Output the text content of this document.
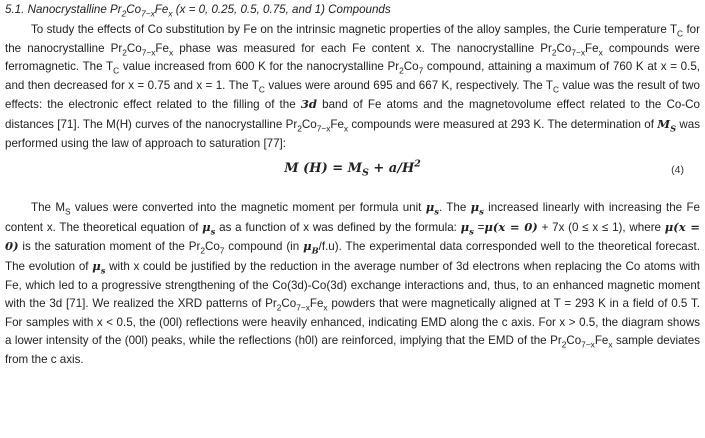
5.1. Nanocrystalline $Pr_2Co_{7-x}Fe_x$ (x = 0, 0.25, 0.5, 0.75, and 1) Compounds

To study the effects of Co substitution by Fe on the intrinsic magnetic properties of the alloy samples, the Curie temperature $T_C$ for the nanocrystalline $Pr_2Co_{7-x}Fe_x$ phase was measured for each Fe content x. The nanocrystalline $Pr_2Co_{7-x}Fe_x$ compounds were ferromagnetic. The $T_C$ value increased from 600 K for the nanocrystalline $Pr_2Co_7$ compound, attaining a maximum of 760 K at x = 0.5, and then decreased for x = 0.75 and x = 1. The $T_C$ values were around 695 and 667 K, respectively. The $T_C$ value was the result of two effects: the electronic effect related to the filling of the 3d band of Fe atoms and the magnetovolume effect related to the Co-Co distances [71]. The M(H) curves of the nanocrystalline $Pr_2Co_{7-x}Fe_x$ compounds were measured at 293 K. The determination of $M_S$ was performed using the law of approach to saturation [77]:

M $(H) = M_S + a/H^2$	(4)

The $M_S$ values were converted into the magnetic moment per formula unit $\mu_s$. The $\mu_s$ increased linearly with increasing the Fe content x. The theoretical equation of $\mu_s$ as a function of x was defined by the formula: $\mu_s =\mu(x = 0) + 7x$ (0 ≤ x ≤ 1), where μ(x = 0) is the saturation moment of the $Pr_2Co_7$ compound (in $\mu_B/f.u$). The experimental data corresponded well to the theoretical forecast. The evolution of $\mu_s$ with x could be justified by the reduction in the average number of 3d electrons when replacing the Co atoms with Fe, which led to a progressive strengthening of the Co(3d)-Co(3d) exchange interactions and, thus, to an enhanced magnetic moment with the 3d [71]. We realized the XRD patterns of $Pr_2Co_{7-x}Fe_x$ powders that were magnetically aligned at T = 293 K in a field of 0.5 T. For samples with x < 0.5, the (00l) reflections were heavily enhanced, indicating EMD along the c axis. For x > 0.5, the diagram shows a lower intensity of the (00l) peaks, while the reflections (h0l) are reinforced, implying that the EMD of the $Pr_2Co_{7-x}Fe_x$ sample deviates from the c axis.
